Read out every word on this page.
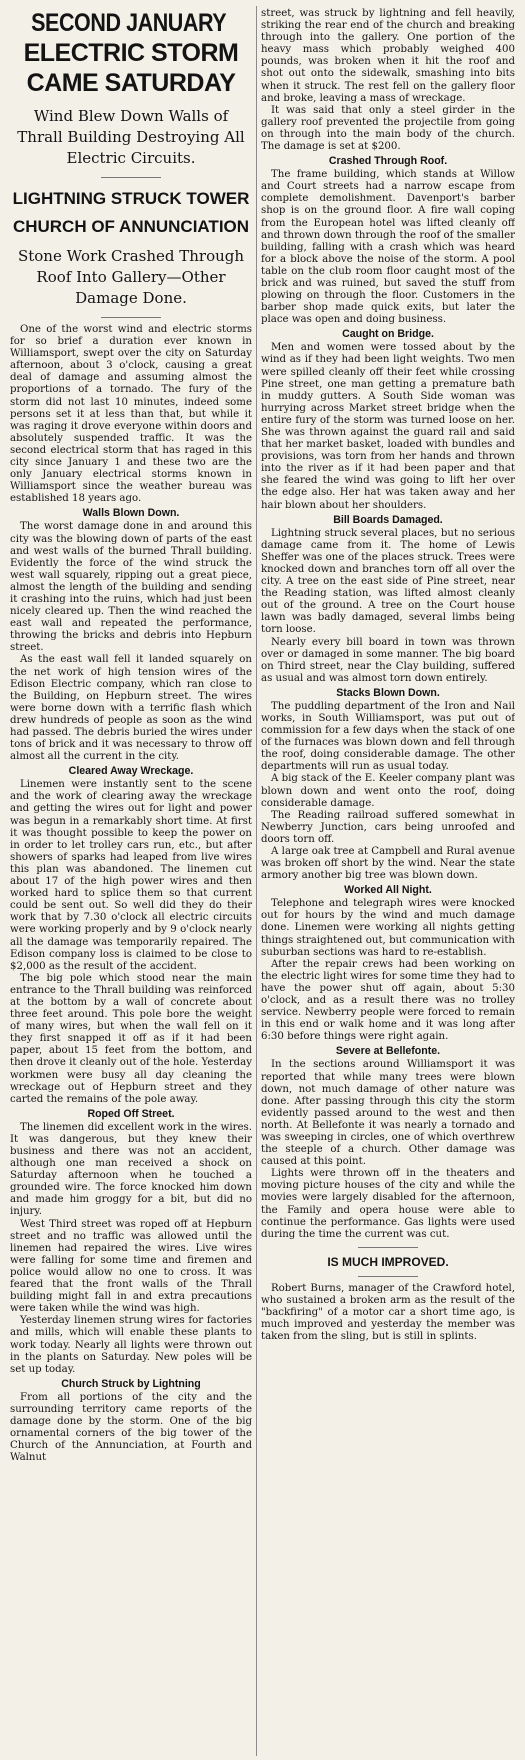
SECOND JANUARY
ELECTRIC STORM
CAME SATURDAY
Wind Blew Down Walls of Thrall Building Destroying All Electric Circuits.
LIGHTNING STRUCK TOWER
CHURCH OF ANNUNCIATION
Stone Work Crashed Through Roof Into Gallery—Other Damage Done.

One of the worst wind and electric storms for so brief a duration ever known in Williamsport, swept over the city on Saturday afternoon, about 3 o'clock, causing a great deal of damage and assuming almost the proportions of a tornado. The fury of the storm did not last 10 minutes, indeed some persons set it at less than that, but while it was raging it drove everyone within doors and absolutely suspended traffic. It was the second electrical storm that has raged in this city since January 1 and these two are the only January electrical storms known in Williamsport since the weather bureau was established 18 years ago.

Walls Blown Down.

The worst damage done in and around this city was the blowing down of parts of the east and west walls of the burned Thrall building. Evidently the force of the wind struck the west wall squarely, ripping out a great piece, almost the length of the building and sending it crashing into the ruins, which had just been nicely cleared up. Then the wind reached the east wall and repeated the performance, throwing the bricks and debris into Hepburn street.

As the east wall fell it landed squarely on the net work of high tension wires of the Edison Electric company, which ran close to the Building, on Hepburn street. The wires were borne down with a terrific flash which drew hundreds of people as soon as the wind had passed. The debris buried the wires under tons of brick and it was necessary to throw off almost all the current in the city.

Cleared Away Wreckage.

Linemen were instantly sent to the scene and the work of clearing away the wreckage and getting the wires out for light and power was begun in a remarkably short time. At first it was thought possible to keep the power on in order to let trolley cars run, etc., but after showers of sparks had leaped from live wires this plan was abandoned. The linemen cut about 17 of the high power wires and then worked hard to splice them so that current could be sent out. So well did they do their work that by 7.30 o'clock all electric circuits were working properly and by 9 o'clock nearly all the damage was temporarily repaired. The Edison company loss is claimed to be close to $2,000 as the result of the accident.

The big pole which stood near the main entrance to the Thrall building was reinforced at the bottom by a wall of concrete about three feet around. This pole bore the weight of many wires, but when the wall fell on it they first snapped it off as if it had been paper, about 15 feet from the bottom, and then drove it cleanly out of the hole. Yesterday workmen were busy all day cleaning the wreckage out of Hepburn street and they carted the remains of the pole away.

Roped Off Street.

The linemen did excellent work in the wires. It was dangerous, but they knew their business and there was not an accident, although one man received a shock on Saturday afternoon when he touched a grounded wire. The force knocked him down and made him groggy for a bit, but did no injury.

West Third street was roped off at Hepburn street and no traffic was allowed until the linemen had repaired the wires. Live wires were falling for some time and firemen and police would allow no one to cross. It was feared that the front walls of the Thrall building might fall in and extra precautions were taken while the wind was high.

Yesterday linemen strung wires for factories and mills, which will enable these plants to work today. Nearly all lights were thrown out in the plants on Saturday. New poles will be set up today.

Church Struck by Lightning

From all portions of the city and the surrounding territory came reports of the damage done by the storm. One of the big ornamental corners of the big tower of the Church of the Annunciation, at Fourth and Walnut

street, was struck by lightning and fell heavily, striking the rear end of the church and breaking through into the gallery. One portion of the heavy mass which probably weighed 400 pounds, was broken when it hit the roof and shot out onto the sidewalk, smashing into bits when it struck. The rest fell on the gallery floor and broke, leaving a mass of wreckage.

It was said that only a steel girder in the gallery roof prevented the projectile from going on through into the main body of the church. The damage is set at $200.

Crashed Through Roof.

The frame building, which stands at Willow and Court streets had a narrow escape from complete demolishment. Davenport's barber shop is on the ground floor. A fire wall coping from the European hotel was lifted cleanly off and thrown down through the roof of the smaller building, falling with a crash which was heard for a block above the noise of the storm. A pool table on the club room floor caught most of the brick and was ruined, but saved the stuff from plowing on through the floor. Customers in the barber shop made quick exits, but later the place was open and doing business.

Caught on Bridge.

Men and women were tossed about by the wind as if they had been light weights. Two men were spilled cleanly off their feet while crossing Pine street, one man getting a premature bath in muddy gutters. A South Side woman was hurrying across Market street bridge when the entire fury of the storm was turned loose on her. She was thrown against the guard rail and said that her market basket, loaded with bundles and provisions, was torn from her hands and thrown into the river as if it had been paper and that she feared the wind was going to lift her over the edge also. Her hat was taken away and her hair blown about her shoulders.

Bill Boards Damaged.

Lightning struck several places, but no serious damage came from it. The home of Lewis Sheffer was one of the places struck. Trees were knocked down and branches torn off all over the city. A tree on the east side of Pine street, near the Reading station, was lifted almost cleanly out of the ground. A tree on the Court house lawn was badly damaged, several limbs being torn loose.

Nearly every bill board in town was thrown over or damaged in some manner. The big board on Third street, near the Clay building, suffered as usual and was almost torn down entirely.

Stacks Blown Down.

The puddling department of the Iron and Nail works, in South Williamsport, was put out of commission for a few days when the stack of one of the furnaces was blown down and fell through the roof, doing considerable damage. The other departments will run as usual today.

A big stack of the E. Keeler company plant was blown down and went onto the roof, doing considerable damage.

The Reading railroad suffered somewhat in Newberry Junction, cars being unroofed and doors torn off.

A large oak tree at Campbell and Rural avenue was broken off short by the wind. Near the state armory another big tree was blown down.

Worked All Night.

Telephone and telegraph wires were knocked out for hours by the wind and much damage done. Linemen were working all nights getting things straightened out, but communication with suburban sections was hard to re-establish.

After the repair crews had been working on the electric light wires for some time they had to have the power shut off again, about 5:30 o'clock, and as a result there was no trolley service. Newberry people were forced to remain in this end or walk home and it was long after 6:30 before things were right again.

Severe at Bellefonte.

In the sections around Williamsport it was reported that while many trees were blown down, not much damage of other nature was done. After passing through this city the storm evidently passed around to the west and then north. At Bellefonte it was nearly a tornado and was sweeping in circles, one of which overthrew the steeple of a church. Other damage was caused at this point.

Lights were thrown off in the theaters and moving picture houses of the city and while the movies were largely disabled for the afternoon, the Family and opera house were able to continue the performance. Gas lights were used during the time the current was cut.

IS MUCH IMPROVED.

Robert Burns, manager of the Crawford hotel, who sustained a broken arm as the result of the "backfiring" of a motor car a short time ago, is much improved and yesterday the member was taken from the sling, but is still in splints.
